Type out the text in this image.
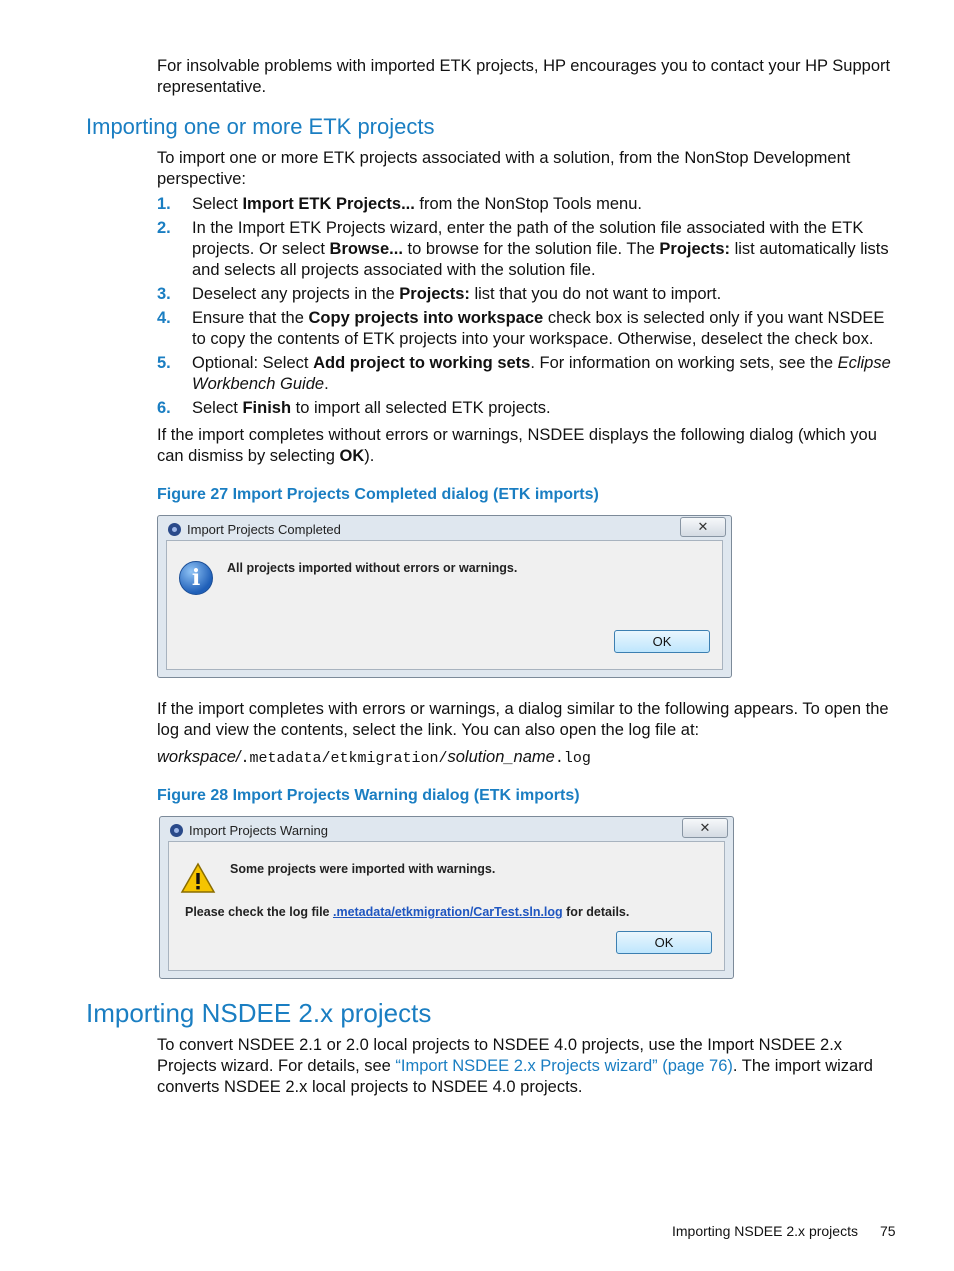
For insolvable problems with imported ETK projects, HP encourages you to contact your HP Support representative.
Importing one or more ETK projects
To import one or more ETK projects associated with a solution, from the NonStop Development perspective:
1. Select Import ETK Projects... from the NonStop Tools menu.
2. In the Import ETK Projects wizard, enter the path of the solution file associated with the ETK projects. Or select Browse... to browse for the solution file. The Projects: list automatically lists and selects all projects associated with the solution file.
3. Deselect any projects in the Projects: list that you do not want to import.
4. Ensure that the Copy projects into workspace check box is selected only if you want NSDEE to copy the contents of ETK projects into your workspace. Otherwise, deselect the check box.
5. Optional: Select Add project to working sets. For information on working sets, see the Eclipse Workbench Guide.
6. Select Finish to import all selected ETK projects.
If the import completes without errors or warnings, NSDEE displays the following dialog (which you can dismiss by selecting OK).
Figure 27 Import Projects Completed dialog (ETK imports)
Import Projects Completed	✕
i	All projects imported without errors or warnings.
OK
If the import completes with errors or warnings, a dialog similar to the following appears. To open the log and view the contents, select the link. You can also open the log file at:
workspace/.metadata/etkmigration/solution_name.log
Figure 28 Import Projects Warning dialog (ETK imports)
Import Projects Warning	✕
Some projects were imported with warnings.
Please check the log file .metadata/etkmigration/CarTest.sln.log for details.
OK
Importing NSDEE 2.x projects
To convert NSDEE 2.1 or 2.0 local projects to NSDEE 4.0 projects, use the Import NSDEE 2.x Projects wizard. For details, see “Import NSDEE 2.x Projects wizard” (page 76). The import wizard converts NSDEE 2.x local projects to NSDEE 4.0 projects.
Importing NSDEE 2.x projects 75
